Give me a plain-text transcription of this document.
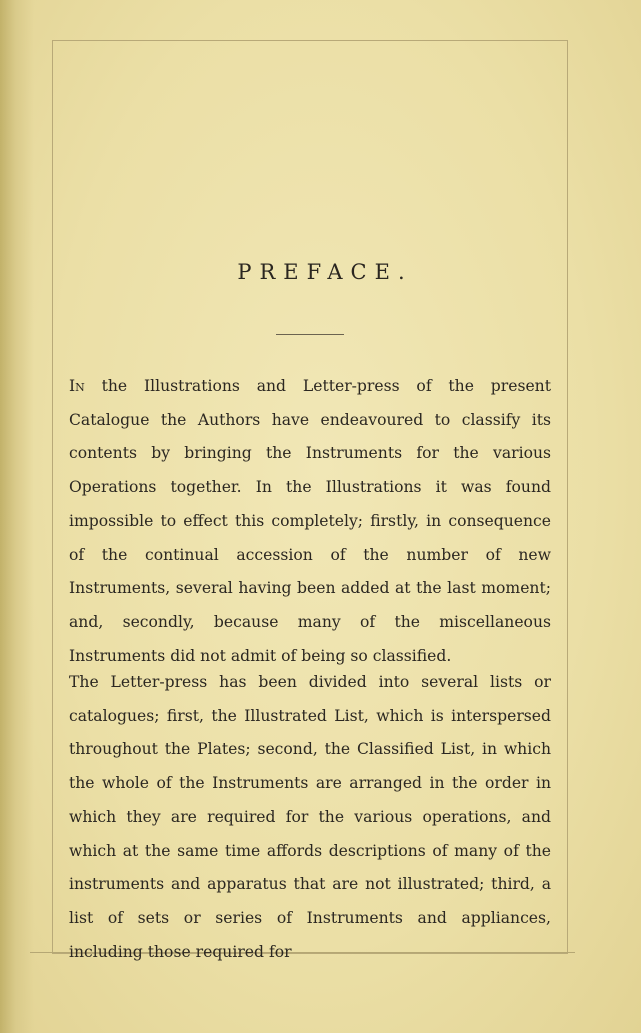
PREFACE.

In the Illustrations and Letter-press of the present Catalogue the Authors have endeavoured to classify its contents by bringing the Instruments for the various Operations together. In the Illustrations it was found impossible to effect this completely; firstly, in consequence of the continual accession of the number of new Instruments, several having been added at the last moment; and, secondly, because many of the miscellaneous Instruments did not admit of being so classified.

The Letter-press has been divided into several lists or catalogues; first, the Illustrated List, which is interspersed throughout the Plates; second, the Classified List, in which the whole of the Instruments are arranged in the order in which they are required for the various operations, and which at the same time affords descriptions of many of the instruments and apparatus that are not illustrated; third, a list of sets or series of Instruments and appliances, including those required for
